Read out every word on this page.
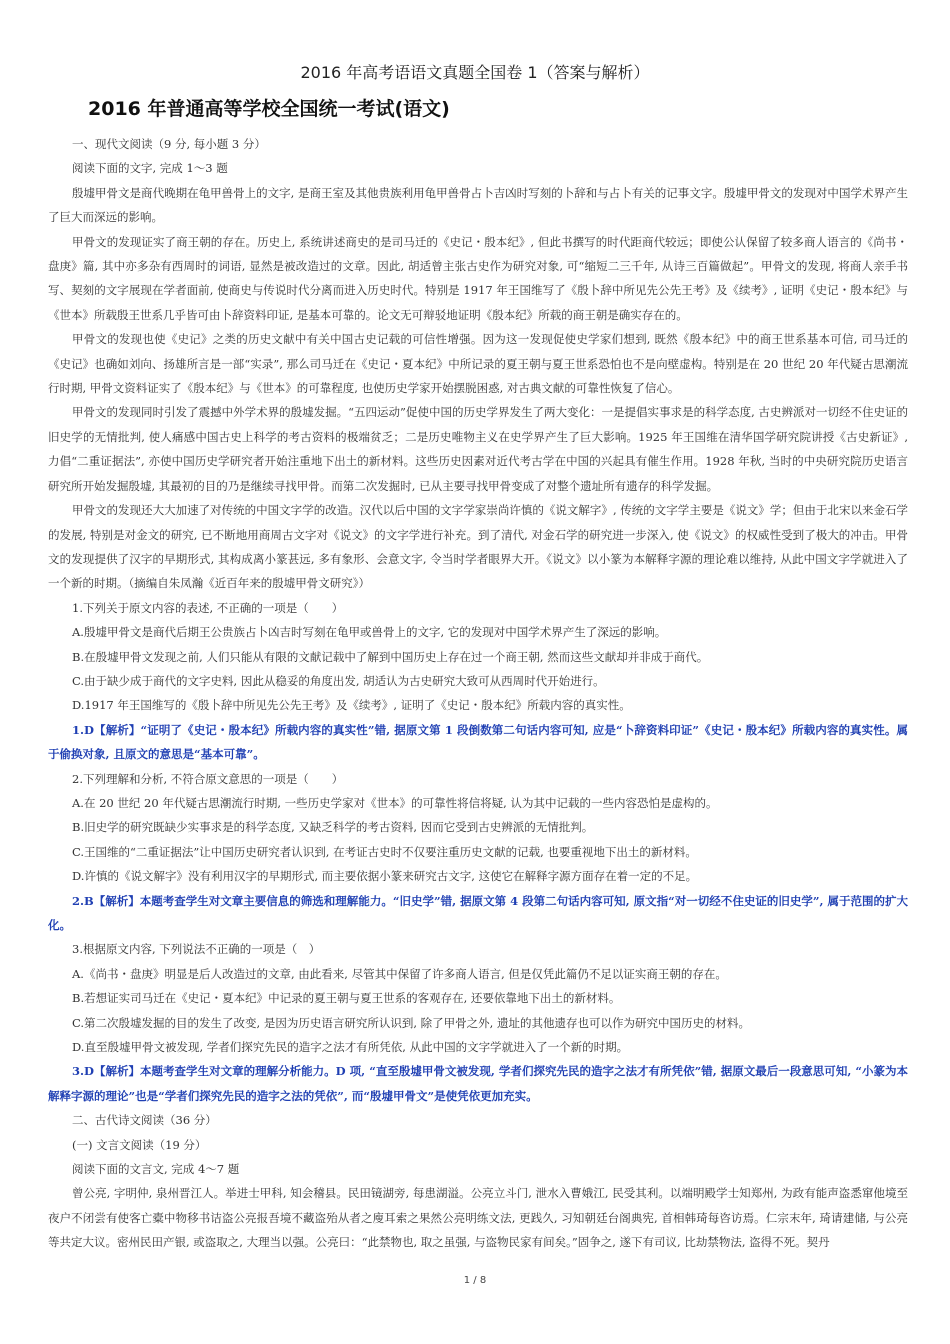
2016 年高考语语文真题全国卷 1（答案与解析）
2016 年普通高等学校全国统一考试(语文)

一、现代文阅读（9 分, 每小题 3 分）

阅读下面的文字, 完成 1～3 题

殷墟甲骨文是商代晚期在龟甲兽骨上的文字, 是商王室及其他贵族利用龟甲兽骨占卜吉凶时写刻的卜辞和与占卜有关的记事文字。殷墟甲骨文的发现对中国学术界产生了巨大而深远的影响。

甲骨文的发现证实了商王朝的存在。历史上, 系统讲述商史的是司马迁的《史记・殷本纪》, 但此书撰写的时代距商代较远；即使公认保留了较多商人语言的《尚书・盘庚》篇, 其中亦多杂有西周时的词语, 显然是被改造过的文章。因此, 胡适曾主张古史作为研究对象, 可“缩短二三千年, 从诗三百篇做起”。甲骨文的发现, 将商人亲手书写、契刻的文字展现在学者面前, 使商史与传说时代分离而进入历史时代。特别是 1917 年王国维写了《殷卜辞中所见先公先王考》及《续考》, 证明《史记・殷本纪》与《世本》所载殷王世系几乎皆可由卜辞资料印证, 是基本可靠的。论文无可辩驳地证明《殷本纪》所载的商王朝是确实存在的。

甲骨文的发现也使《史记》之类的历史文献中有关中国古史记载的可信性增强。因为这一发现促使史学家们想到, 既然《殷本纪》中的商王世系基本可信, 司马迁的《史记》也确如刘向、扬雄所言是一部“实录”, 那么司马迁在《史记・夏本纪》中所记录的夏王朝与夏王世系恐怕也不是向壁虚构。特别是在 20 世纪 20 年代疑古思潮流行时期, 甲骨文资料证实了《殷本纪》与《世本》的可靠程度, 也使历史学家开始摆脱困惑, 对古典文献的可靠性恢复了信心。

甲骨文的发现同时引发了震撼中外学术界的殷墟发掘。“五四运动”促使中国的历史学界发生了两大变化：一是提倡实事求是的科学态度, 古史辨派对一切经不住史证的旧史学的无情批判, 使人痛感中国古史上科学的考古资料的极端贫乏；二是历史唯物主义在史学界产生了巨大影响。1925 年王国维在清华国学研究院讲授《古史新证》, 力倡“二重证据法”, 亦使中国历史学研究者开始注重地下出土的新材料。这些历史因素对近代考古学在中国的兴起具有催生作用。1928 年秋, 当时的中央研究院历史语言研究所开始发掘殷墟, 其最初的目的乃是继续寻找甲骨。而第二次发掘时, 已从主要寻找甲骨变成了对整个遗址所有遗存的科学发掘。

甲骨文的发现还大大加速了对传统的中国文字学的改造。汉代以后中国的文字学家崇尚许慎的《说文解字》, 传统的文字学主要是《说文》学；但由于北宋以来金石学的发展, 特别是对金文的研究, 已不断地用商周古文字对《说文》的文字学进行补充。到了清代, 对金石学的研究进一步深入, 使《说文》的权威性受到了极大的冲击。甲骨文的发现提供了汉字的早期形式, 其构成离小篆甚远, 多有象形、会意文字, 令当时学者眼界大开。《说文》以小篆为本解释字源的理论难以维持, 从此中国文字学就进入了一个新的时期。（摘编自朱凤瀚《近百年来的殷墟甲骨文研究》）

1.下列关于原文内容的表述, 不正确的一项是（　　）

A.殷墟甲骨文是商代后期王公贵族占卜凶吉时写刻在龟甲或兽骨上的文字, 它的发现对中国学术界产生了深远的影响。

B.在殷墟甲骨文发现之前, 人们只能从有限的文献记载中了解到中国历史上存在过一个商王朝, 然而这些文献却并非成于商代。

C.由于缺少成于商代的文字史料, 因此从稳妥的角度出发, 胡适认为古史研究大致可从西周时代开始进行。

D.1917 年王国维写的《殷卜辞中所见先公先王考》及《续考》, 证明了《史记・殷本纪》所载内容的真实性。

1.D【解析】“证明了《史记・殷本纪》所载内容的真实性”错, 据原文第 1 段倒数第二句话内容可知, 应是“卜辞资料印证”《史记・殷本纪》所载内容的真实性。属于偷换对象, 且原文的意思是“基本可靠”。

2.下列理解和分析, 不符合原文意思的一项是（　　）

A.在 20 世纪 20 年代疑古思潮流行时期, 一些历史学家对《世本》的可靠性将信将疑, 认为其中记载的一些内容恐怕是虚构的。

B.旧史学的研究既缺少实事求是的科学态度, 又缺乏科学的考古资料, 因而它受到古史辨派的无情批判。

C.王国维的“二重证据法”让中国历史研究者认识到, 在考证古史时不仅要注重历史文献的记载, 也要重视地下出土的新材料。

D.许慎的《说文解字》没有利用汉字的早期形式, 而主要依据小篆来研究古文字, 这使它在解释字源方面存在着一定的不足。

2.B【解析】本题考查学生对文章主要信息的筛选和理解能力。“旧史学”错, 据原文第 4 段第二句话内容可知, 原文指“对一切经不住史证的旧史学”, 属于范围的扩大化。

3.根据原文内容, 下列说法不正确的一项是（　）

A.《尚书・盘庚》明显是后人改造过的文章, 由此看来, 尽管其中保留了许多商人语言, 但是仅凭此篇仍不足以证实商王朝的存在。

B.若想证实司马迁在《史记・夏本纪》中记录的夏王朝与夏王世系的客观存在, 还要依靠地下出土的新材料。

C.第二次殷墟发掘的目的发生了改变, 是因为历史语言研究所认识到, 除了甲骨之外, 遗址的其他遗存也可以作为研究中国历史的材料。

D.直至殷墟甲骨文被发现, 学者们探究先民的造字之法才有所凭依, 从此中国的文字学就进入了一个新的时期。

3.D【解析】本题考查学生对文章的理解分析能力。D 项, “直至殷墟甲骨文被发现, 学者们探究先民的造字之法才有所凭依”错, 据原文最后一段意思可知, “小篆为本解释字源的理论”也是“学者们探究先民的造字之法的凭依”, 而“殷墟甲骨文”是使凭依更加充实。

二、古代诗文阅读（36 分）

(一) 文言文阅读（19 分）

阅读下面的文言文, 完成 4～7 题

曾公亮, 字明仲, 泉州晋江人。举进士甲科, 知会稽县。民田镜湖旁, 每患湖溢。公亮立斗门, 泄水入曹娥江, 民受其利。以端明殿学士知郑州, 为政有能声盗悉窜他境至夜户不闭尝有使客亡橐中物移书诘盗公亮报吾境不藏盗殆从者之廋耳索之果然公亮明练文法, 更践久, 习知朝廷台阁典宪, 首相韩琦每咨访焉。仁宗末年, 琦请建储, 与公亮等共定大议。密州民田产银, 或盗取之, 大理当以强。公亮曰：“此禁物也, 取之虽强, 与盗物民家有间矣。”固争之, 遂下有司议, 比劫禁物法, 盗得不死。契丹

1 / 8
